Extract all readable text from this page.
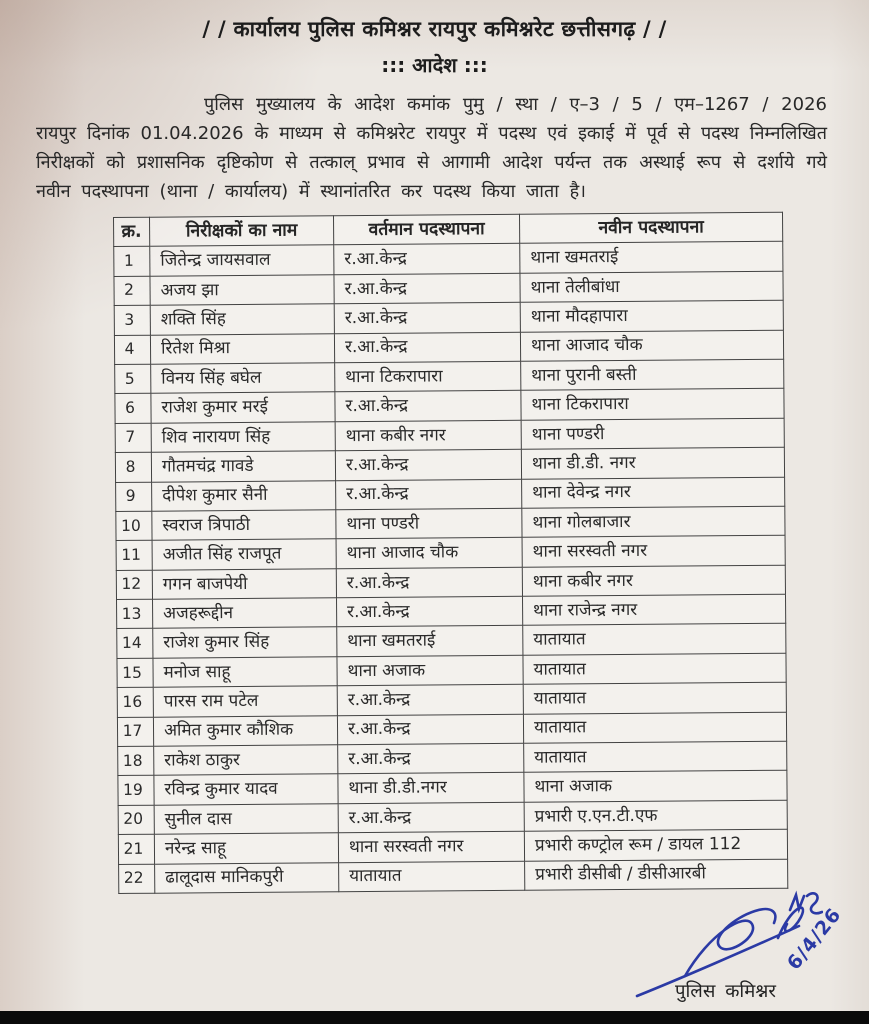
/ / कार्यालय पुलिस कमिश्नर रायपुर कमिश्नरेट छत्तीसगढ़ / /
::: आदेश :::

पुलिस मुख्यालय के आदेश कमांक पुमु / स्था / ए–3 / 5 / एम–1267 / 2026 रायपुर दिनांक 01.04.2026 के माध्यम से कमिश्नरेट रायपुर में पदस्थ एवं इकाई में पूर्व से पदस्थ निम्नलिखित निरीक्षकों को प्रशासनिक दृष्टिकोण से तत्काल् प्रभाव से आगामी आदेश पर्यन्त तक अस्थाई रूप से दर्शाये गये नवीन पदस्थापना (थाना / कार्यालय) में स्थानांतरित कर पदस्थ किया जाता है।

क्र.	निरीक्षकों का नाम	वर्तमान पदस्थापना	नवीन पदस्थापना
1	जितेन्द्र जायसवाल	र.आ.केन्द्र	थाना खमतराई
2	अजय झा	र.आ.केन्द्र	थाना तेलीबांधा
3	शक्ति सिंह	र.आ.केन्द्र	थाना मौदहापारा
4	रितेश मिश्रा	र.आ.केन्द्र	थाना आजाद चौक
5	विनय सिंह बघेल	थाना टिकरापारा	थाना पुरानी बस्ती
6	राजेश कुमार मरई	र.आ.केन्द्र	थाना टिकरापारा
7	शिव नारायण सिंह	थाना कबीर नगर	थाना पण्डरी
8	गौतमचंद्र गावडे	र.आ.केन्द्र	थाना डी.डी. नगर
9	दीपेश कुमार सैनी	र.आ.केन्द्र	थाना देवेन्द्र नगर
10	स्वराज त्रिपाठी	थाना पण्डरी	थाना गोलबाजार
11	अजीत सिंह राजपूत	थाना आजाद चौक	थाना सरस्वती नगर
12	गगन बाजपेयी	र.आ.केन्द्र	थाना कबीर नगर
13	अजहरूद्दीन	र.आ.केन्द्र	थाना राजेन्द्र नगर
14	राजेश कुमार सिंह	थाना खमतराई	यातायात
15	मनोज साहू	थाना अजाक	यातायात
16	पारस राम पटेल	र.आ.केन्द्र	यातायात
17	अमित कुमार कौशिक	र.आ.केन्द्र	यातायात
18	राकेश ठाकुर	र.आ.केन्द्र	यातायात
19	रविन्द्र कुमार यादव	थाना डी.डी.नगर	थाना अजाक
20	सुनील दास	र.आ.केन्द्र	प्रभारी ए.एन.टी.एफ
21	नरेन्द्र साहू	थाना सरस्वती नगर	प्रभारी कण्ट्रोल रूम / डायल 112
22	ढालूदास मानिकपुरी	यातायात	प्रभारी डीसीबी / डीसीआरबी
6/4/26
पुलिस कमिश्नर
